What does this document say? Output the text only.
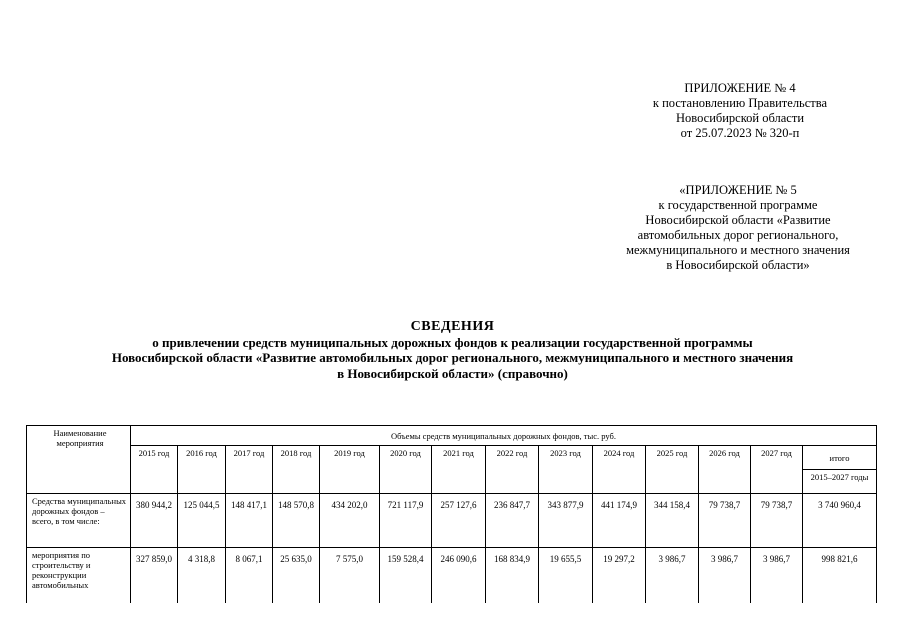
ПРИЛОЖЕНИЕ № 4
к постановлению Правительства
Новосибирской области
от 25.07.2023 № 320-п
«ПРИЛОЖЕНИЕ № 5
к государственной программе
Новосибирской области «Развитие
автомобильных дорог регионального,
межмуниципального и местного значения
в Новосибирской области»
СВЕДЕНИЯ
о привлечении средств муниципальных дорожных фондов к реализации государственной программы
Новосибирской области «Развитие автомобильных дорог регионального, межмуниципального и местного значения
в Новосибирской области» (справочно)
Наименование мероприятия	Объемы средств муниципальных дорожных фондов, тыс. руб.													
	2015 год	2016 год	2017 год	2018 год	2019 год	2020 год	2021 год	2022 год	2023 год	2024 год	2025 год	2026 год	2027 год	итого
														2015–2027 годы
Средства муниципальных дорожных фондов – всего, в том числе:	380 944,2	125 044,5	148 417,1	148 570,8	434 202,0	721 117,9	257 127,6	236 847,7	343 877,9	441 174,9	344 158,4	79 738,7	79 738,7	3 740 960,4
мероприятия по строительству и реконструкции автомобильных	327 859,0	4 318,8	8 067,1	25 635,0	7 575,0	159 528,4	246 090,6	168 834,9	19 655,5	19 297,2	3 986,7	3 986,7	3 986,7	998 821,6
